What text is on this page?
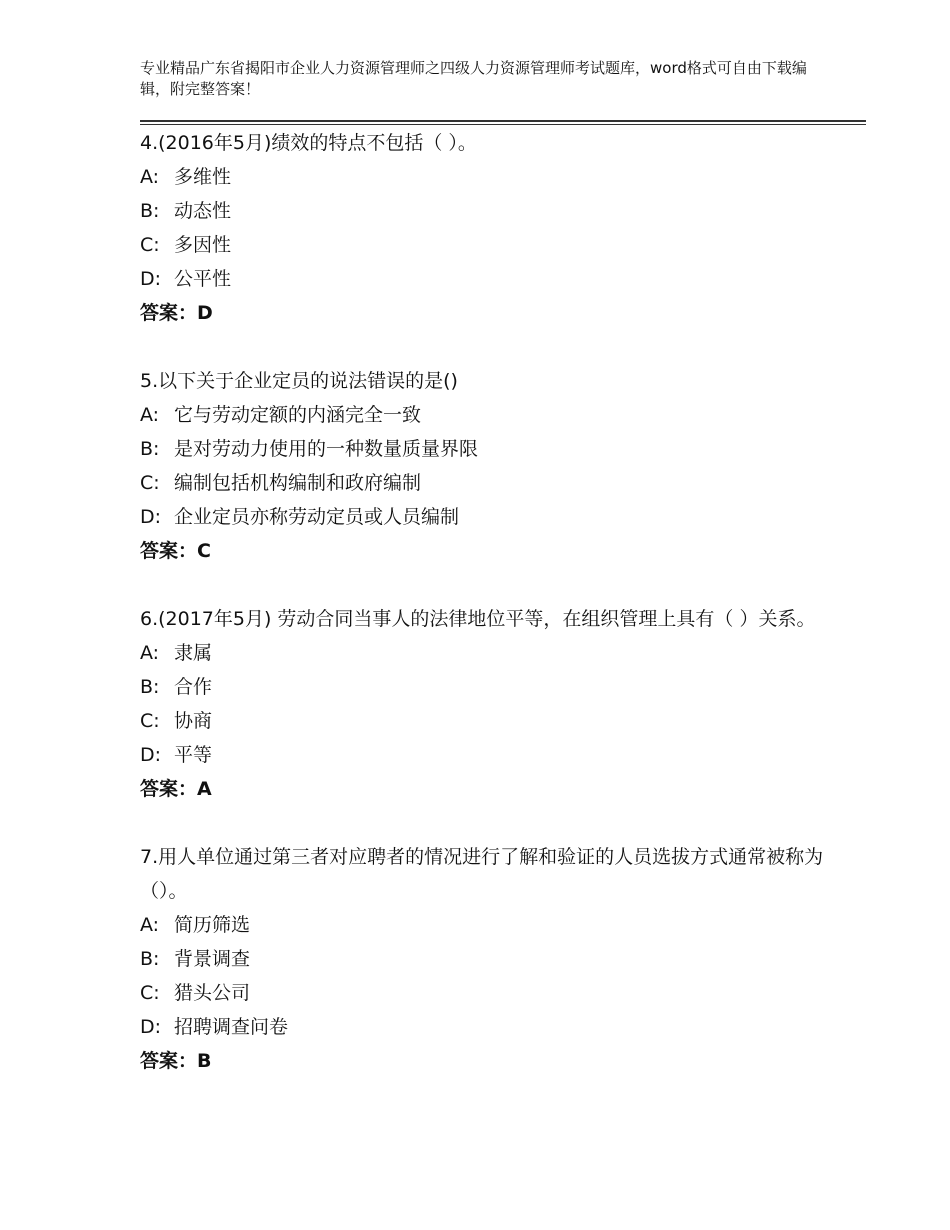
专业精品广东省揭阳市企业人力资源管理师之四级人力资源管理师考试题库，word格式可自由下载编辑，附完整答案！
4.(2016年5月)绩效的特点不包括（ ）。
A: 多维性
B: 动态性
C: 多因性
D: 公平性
答案：D
5.以下关于企业定员的说法错误的是()
A: 它与劳动定额的内涵完全一致
B: 是对劳动力使用的一种数量质量界限
C: 编制包括机构编制和政府编制
D: 企业定员亦称劳动定员或人员编制
答案：C
6.(2017年5月) 劳动合同当事人的法律地位平等，在组织管理上具有（ ）关系。
A: 隶属
B: 合作
C: 协商
D: 平等
答案：A
7.用人单位通过第三者对应聘者的情况进行了解和验证的人员选拔方式通常被称为（）。
A: 简历筛选
B: 背景调查
C: 猎头公司
D: 招聘调查问卷
答案：B
